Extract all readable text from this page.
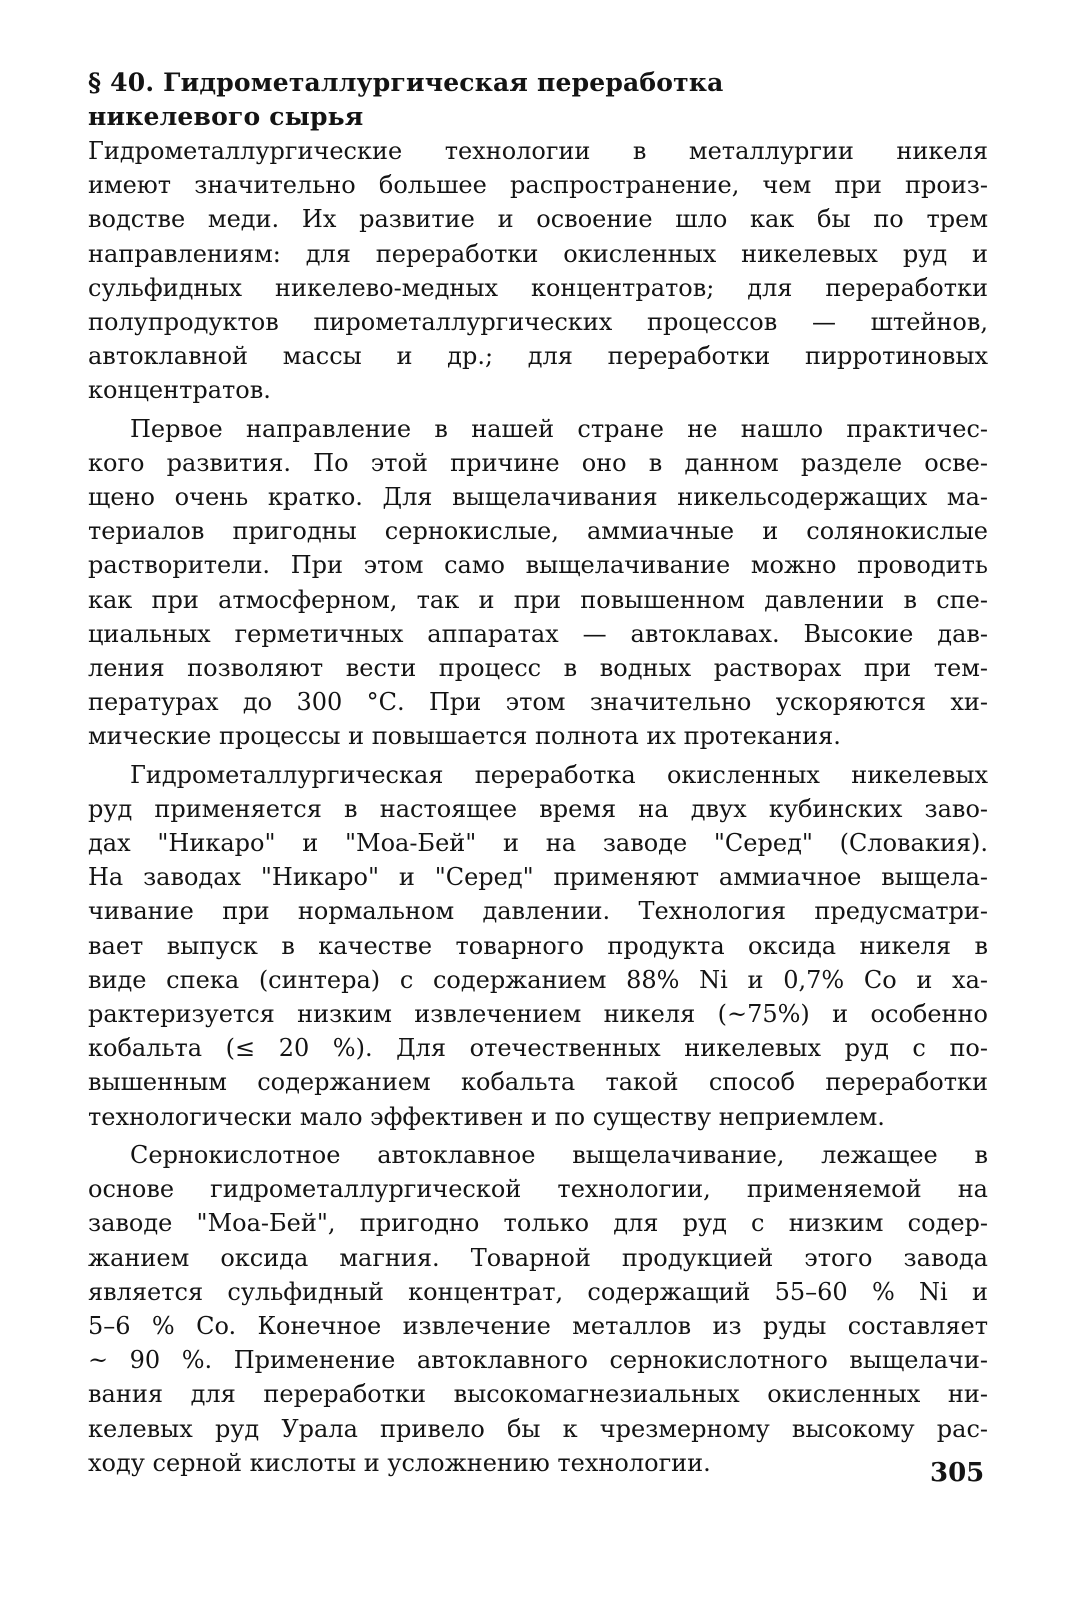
§ 40. Гидрометаллургическая переработка
никелевого сырья

Гидрометаллургические технологии в металлургии никеля
имеют значительно большее распространение, чем при произ-
водстве меди. Их развитие и освоение шло как бы по трем
направлениям: для переработки окисленных никелевых руд и
сульфидных никелево-медных концентратов; для переработки
полупродуктов пирометаллургических процессов — штейнов,
автоклавной массы и др.; для переработки пирротиновых
концентратов.

Первое направление в нашей стране не нашло практичес-
кого развития. По этой причине оно в данном разделе осве-
щено очень кратко. Для выщелачивания никельсодержащих ма-
териалов пригодны сернокислые, аммиачные и солянокислые
растворители. При этом само выщелачивание можно проводить
как при атмосферном, так и при повышенном давлении в спе-
циальных герметичных аппаратах — автоклавах. Высокие дав-
ления позволяют вести процесс в водных растворах при тем-
пературах до 300 °С. При этом значительно ускоряются хи-
мические процессы и повышается полнота их протекания.

Гидрометаллургическая переработка окисленных никелевых
руд применяется в настоящее время на двух кубинских заво-
дах "Никаро" и "Моа-Бей" и на заводе "Серед" (Словакия).
На заводах "Никаро" и "Серед" применяют аммиачное выщела-
чивание при нормальном давлении. Технология предусматри-
вает выпуск в качестве товарного продукта оксида никеля в
виде спека (синтера) с содержанием 88% Ni и 0,7% Co и ха-
рактеризуется низким извлечением никеля (~75%) и особенно
кобальта (≤ 20 %). Для отечественных никелевых руд с по-
вышенным содержанием кобальта такой способ переработки
технологически мало эффективен и по существу неприемлем.

Сернокислотное автоклавное выщелачивание, лежащее в
основе гидрометаллургической технологии, применяемой на
заводе "Моа-Бей", пригодно только для руд с низким содер-
жанием оксида магния. Товарной продукцией этого завода
является сульфидный концентрат, содержащий 55–60 % Ni и
5–6 % Co. Конечное извлечение металлов из руды составляет
~ 90 %. Применение автоклавного сернокислотного выщелачи-
вания для переработки высокомагнезиальных окисленных ни-
келевых руд Урала привело бы к чрезмерному высокому рас-
ходу серной кислоты и усложнению технологии.	305
